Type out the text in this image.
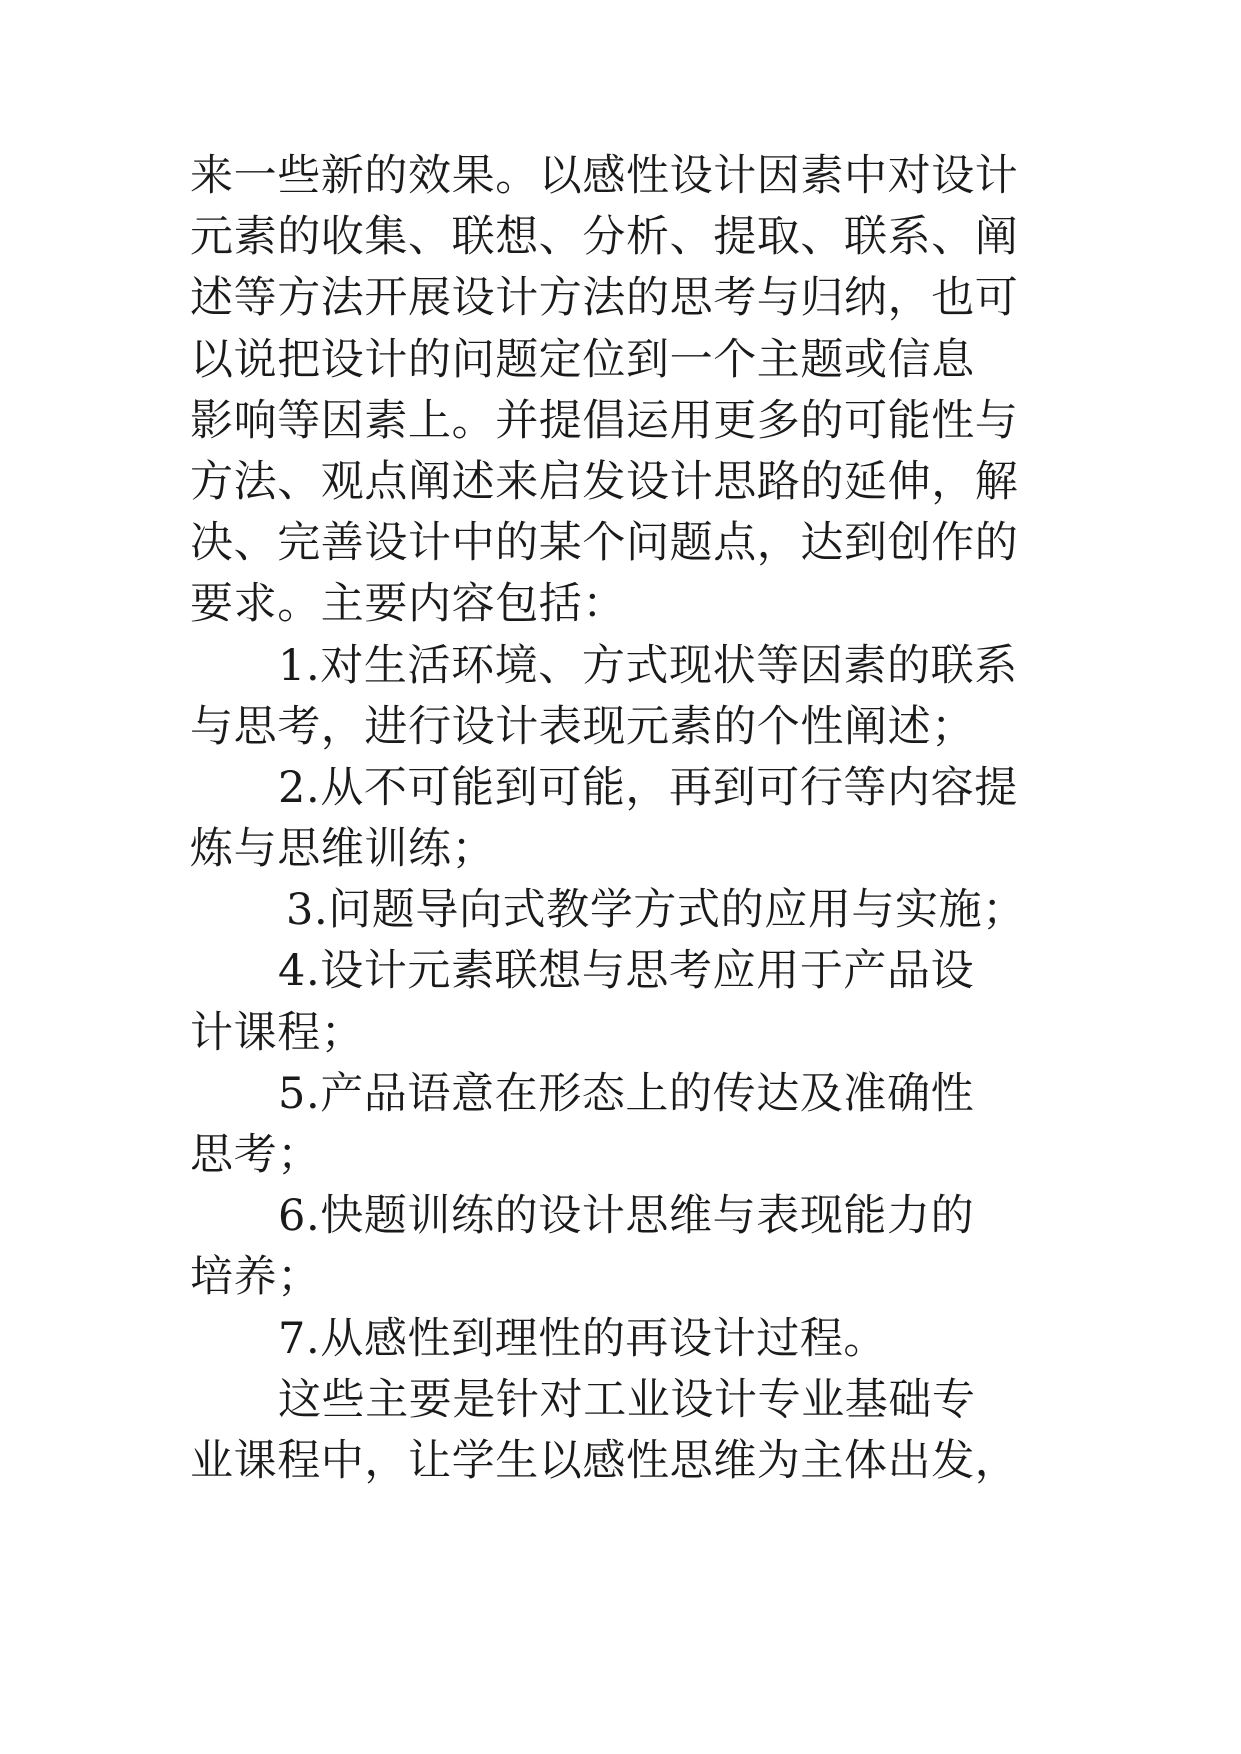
来一些新的效果。以感性设计因素中对设计
元素的收集、联想、分析、提取、联系、阐
述等方法开展设计方法的思考与归纳，也可
以说把设计的问题定位到一个主题或信息
影响等因素上。并提倡运用更多的可能性与
方法、观点阐述来启发设计思路的延伸，解
决、完善设计中的某个问题点，达到创作的
要求。主要内容包括：
1.对生活环境、方式现状等因素的联系
与思考，进行设计表现元素的个性阐述；
2.从不可能到可能，再到可行等内容提
炼与思维训练；
3.问题导向式教学方式的应用与实施；
4.设计元素联想与思考应用于产品设
计课程；
5.产品语意在形态上的传达及准确性
思考；
6.快题训练的设计思维与表现能力的
培养；
7.从感性到理性的再设计过程。
这些主要是针对工业设计专业基础专
业课程中，让学生以感性思维为主体出发，
